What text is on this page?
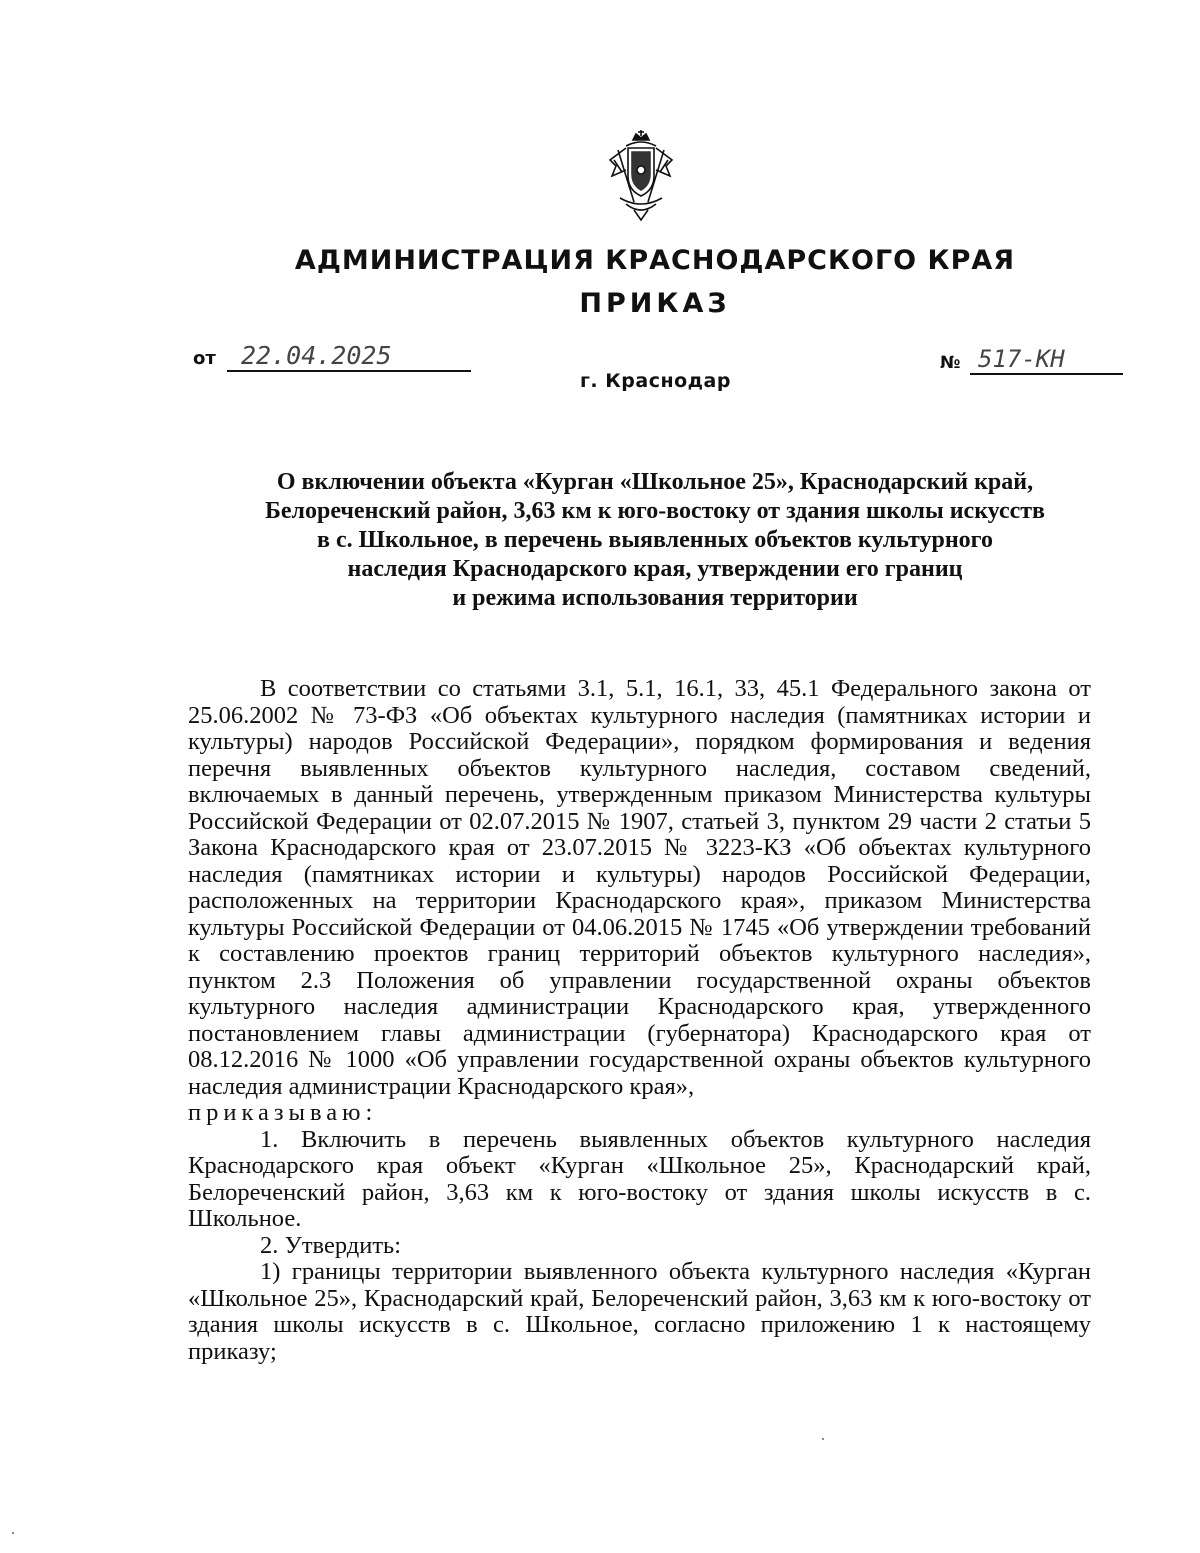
АДМИНИСТРАЦИЯ КРАСНОДАРСКОГО КРАЯ
ПРИКАЗ
от	22.04.2025	№ 517-КН
г. Краснодар
О включении объекта «Курган «Школьное 25», Краснодарский край,
Белореченский район, 3,63 км к юго-востоку от здания школы искусств
в с. Школьное, в перечень выявленных объектов культурного
наследия Краснодарского края, утверждении его границ
и режима использования территории

В соответствии со статьями 3.1, 5.1, 16.1, 33, 45.1 Федерального закона от 25.06.2002 № 73-ФЗ «Об объектах культурного наследия (памятниках истории и культуры) народов Российской Федерации», порядком формирования и ведения перечня выявленных объектов культурного наследия, составом сведений, включаемых в данный перечень, утвержденным приказом Министерства культуры Российской Федерации от 02.07.2015 № 1907, статьей 3, пунктом 29 части 2 статьи 5 Закона Краснодарского края от 23.07.2015 № 3223-КЗ «Об объектах культурного наследия (памятниках истории и культуры) народов Российской Федерации, расположенных на территории Краснодарского края», приказом Министерства культуры Российской Федерации от 04.06.2015 № 1745 «Об утверждении требований к составлению проектов границ территорий объектов культурного наследия», пунктом 2.3 Положения об управлении государственной охраны объектов культурного наследия администрации Краснодарского края, утвержденного постановлением главы администрации (губернатора) Краснодарского края от 08.12.2016 № 1000 «Об управлении государственной охраны объектов культурного наследия администрации Краснодарского края»,

приказываю:

1. Включить в перечень выявленных объектов культурного наследия Краснодарского края объект «Курган «Школьное 25», Краснодарский край, Белореченский район, 3,63 км к юго-востоку от здания школы искусств в с. Школьное.

2. Утвердить:

1) границы территории выявленного объекта культурного наследия «Курган «Школьное 25», Краснодарский край, Белореченский район, 3,63 км к юго-востоку от здания школы искусств в с. Школьное, согласно приложению 1 к настоящему приказу;
